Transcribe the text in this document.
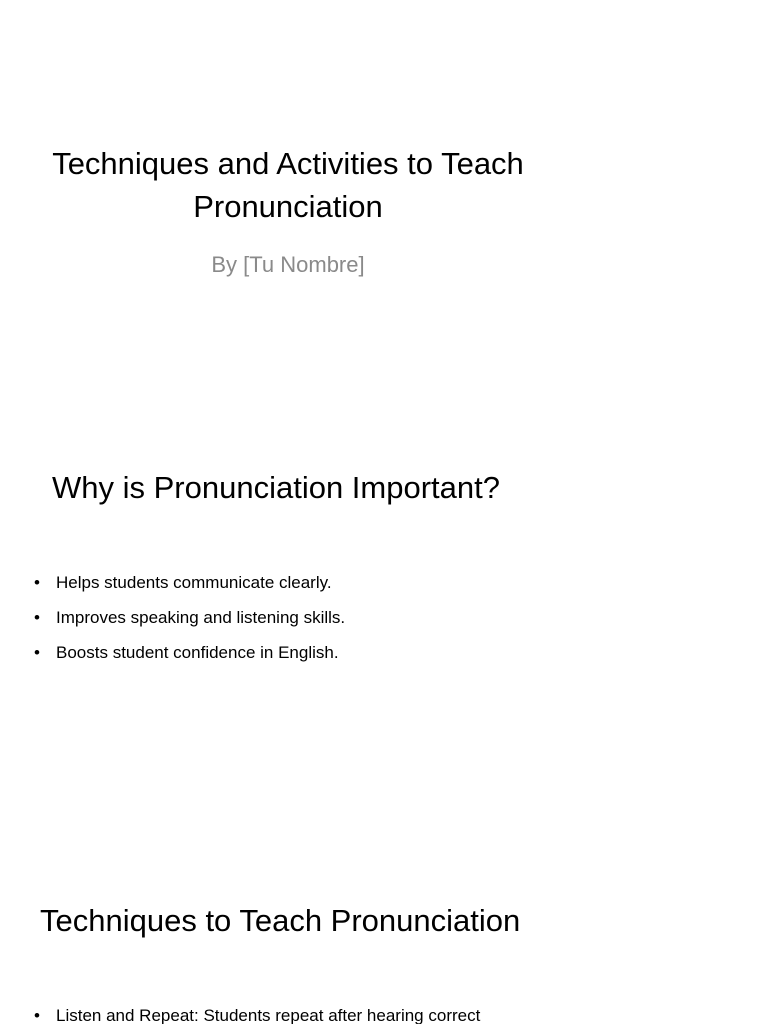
Techniques and Activities to Teach Pronunciation
By [Tu Nombre]
Why is Pronunciation Important?
• Helps students communicate clearly.
• Improves speaking and listening skills.
• Boosts student confidence in English.
Techniques to Teach Pronunciation
• Listen and Repeat: Students repeat after hearing correct
